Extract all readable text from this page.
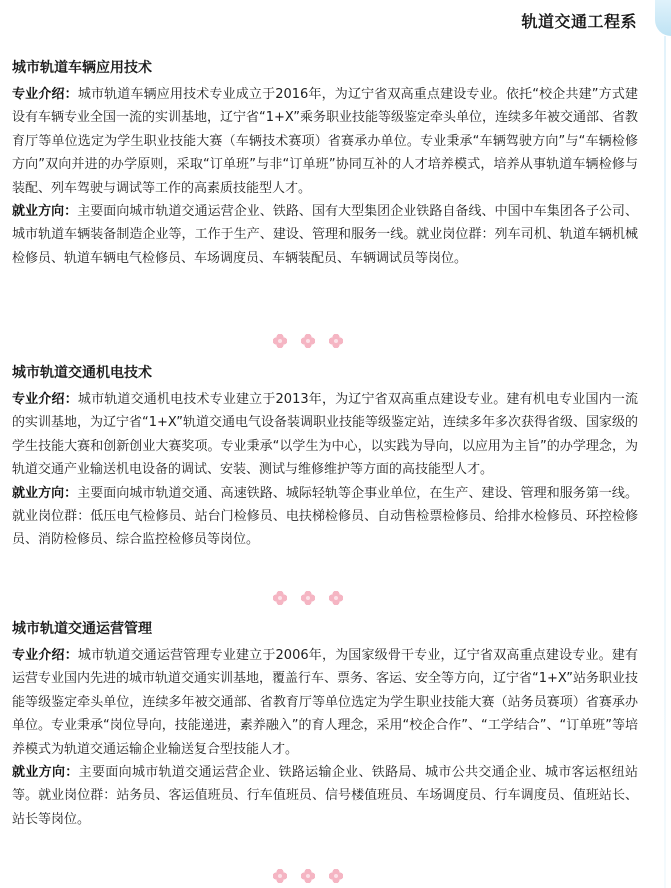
轨道交通工程系
城市轨道车辆应用技术

专业介绍：城市轨道车辆应用技术专业成立于2016年，为辽宁省双高重点建设专业。依托“校企共建”方式建设有车辆专业全国一流的实训基地，辽宁省“1+X”乘务职业技能等级鉴定牵头单位，连续多年被交通部、省教育厅等单位选定为学生职业技能大赛（车辆技术赛项）省赛承办单位。专业秉承“车辆驾驶方向”与“车辆检修方向”双向并进的办学原则，采取“订单班”与非“订单班”协同互补的人才培养模式，培养从事轨道车辆检修与装配、列车驾驶与调试等工作的高素质技能型人才。

就业方向：主要面向城市轨道交通运营企业、铁路、国有大型集团企业铁路自备线、中国中车集团各子公司、城市轨道车辆装备制造企业等，工作于生产、建设、管理和服务一线。就业岗位群：列车司机、轨道车辆机械检修员、轨道车辆电气检修员、车场调度员、车辆装配员、车辆调试员等岗位。

城市轨道交通机电技术

专业介绍：城市轨道交通机电技术专业建立于2013年，为辽宁省双高重点建设专业。建有机电专业国内一流的实训基地，为辽宁省“1+X”轨道交通电气设备装调职业技能等级鉴定站，连续多年多次获得省级、国家级的学生技能大赛和创新创业大赛奖项。专业秉承“以学生为中心，以实践为导向，以应用为主旨”的办学理念，为轨道交通产业输送机电设备的调试、安装、测试与维修维护等方面的高技能型人才。

就业方向：主要面向城市轨道交通、高速铁路、城际轻轨等企事业单位，在生产、建设、管理和服务第一线。就业岗位群：低压电气检修员、站台门检修员、电扶梯检修员、自动售检票检修员、给排水检修员、环控检修员、消防检修员、综合监控检修员等岗位。

城市轨道交通运营管理

专业介绍：城市轨道交通运营管理专业建立于2006年，为国家级骨干专业，辽宁省双高重点建设专业。建有运营专业国内先进的城市轨道交通实训基地，覆盖行车、票务、客运、安全等方向，辽宁省“1+X”站务职业技能等级鉴定牵头单位，连续多年被交通部、省教育厅等单位选定为学生职业技能大赛（站务员赛项）省赛承办单位。专业秉承“岗位导向，技能递进，素养融入”的育人理念，采用“校企合作”、“工学结合”、“订单班”等培养模式为轨道交通运输企业输送复合型技能人才。

就业方向：主要面向城市轨道交通运营企业、铁路运输企业、铁路局、城市公共交通企业、城市客运枢纽站等。就业岗位群：站务员、客运值班员、行车值班员、信号楼值班员、车场调度员、行车调度员、值班站长、站长等岗位。
